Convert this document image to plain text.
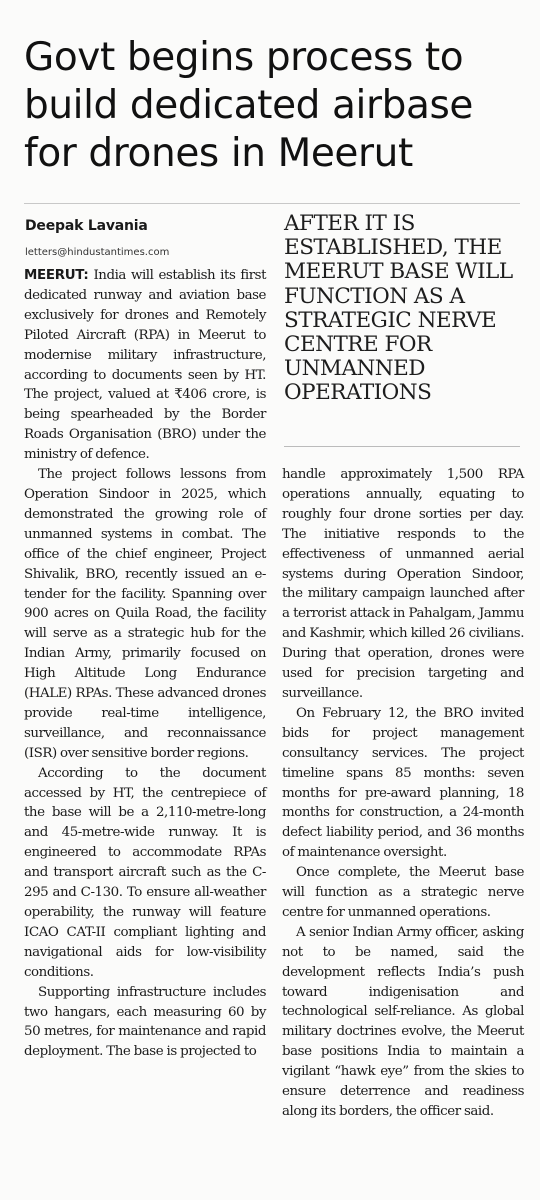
Govt begins process to
build dedicated airbase
for drones in Meerut
Deepak Lavania
letters@hindustantimes.com
AFTER IT IS
ESTABLISHED, THE
MEERUT BASE WILL
FUNCTION AS A
STRATEGIC NERVE
CENTRE FOR
UNMANNED
OPERATIONS

MEERUT: India will establish its first dedicated runway and aviation base exclusively for drones and Remotely Piloted Aircraft (RPA) in Meerut to modernise military infrastructure, according to documents seen by HT. The project, valued at ₹406 crore, is being spearheaded by the Border Roads Organisation (BRO) under the ministry of defence.

The project follows lessons from Operation Sindoor in 2025, which demonstrated the growing role of unmanned systems in combat. The office of the chief engineer, Project Shivalik, BRO, recently issued an e-tender for the facility. Spanning over 900 acres on Quila Road, the facility will serve as a strategic hub for the Indian Army, primarily focused on High Altitude Long Endurance (HALE) RPAs. These advanced drones provide real-time intelligence, surveillance, and reconnaissance (ISR) over sensitive border regions.

According to the document accessed by HT, the centrepiece of the base will be a 2,110-metre-long and 45-metre-wide runway. It is engineered to accommodate RPAs and transport aircraft such as the C-295 and C-130. To ensure all-weather operability, the runway will feature ICAO CAT-II compliant lighting and navigational aids for low-visibility conditions.

Supporting infrastructure includes two hangars, each measuring 60 by 50 metres, for maintenance and rapid deployment. The base is projected to

handle approximately 1,500 RPA operations annually, equating to roughly four drone sorties per day. The initiative responds to the effectiveness of unmanned aerial systems during Operation Sindoor, the military campaign launched after a terrorist attack in Pahalgam, Jammu and Kashmir, which killed 26 civilians. During that operation, drones were used for precision targeting and surveillance.

On February 12, the BRO invited bids for project management consultancy services. The project timeline spans 85 months: seven months for pre-award planning, 18 months for construction, a 24-month defect liability period, and 36 months of maintenance oversight.

Once complete, the Meerut base will function as a strategic nerve centre for unmanned operations.

A senior Indian Army officer, asking not to be named, said the development reflects India’s push toward indigenisation and technological self-reliance. As global military doctrines evolve, the Meerut base positions India to maintain a vigilant “hawk eye” from the skies to ensure deterrence and readiness along its borders, the officer said.
